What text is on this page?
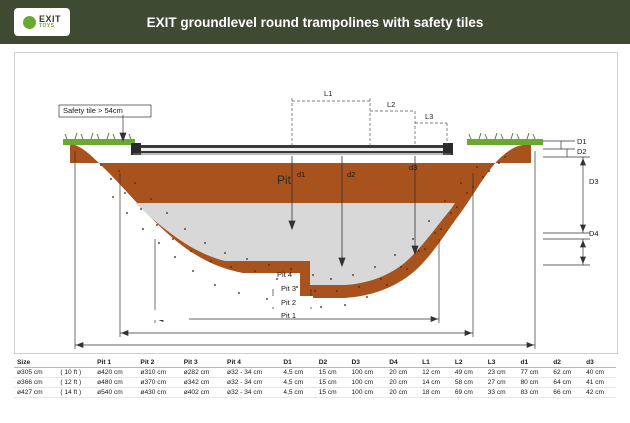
EXIT
TOYS	EXIT groundlevel round trampolines with safety tiles
Safety tile > 54cm
L1
L2
L3
Pit d1	d2
d3
D1
D2
D3
D4
Pit 4
Pit 3
Pit 2
Pit 1
Size		Pit 1	Pit 2	Pit 3	Pit 4	D1	D2	D3	D4	L1	L2	L3	d1	d2	d3
ø305 cm	( 10 ft )	ø420 cm	ø310 cm	ø282 cm	ø32 - 34 cm	4,5 cm	15 cm	100 cm	20 cm	12 cm	49 cm	23 cm	77 cm	62 cm	40 cm
ø366 cm	( 12 ft )	ø480 cm	ø370 cm	ø342 cm	ø32 - 34 cm	4,5 cm	15 cm	100 cm	20 cm	14 cm	58 cm	27 cm	80 cm	64 cm	41 cm
ø427 cm	( 14 ft )	ø540 cm	ø430 cm	ø402 cm	ø32 - 34 cm	4,5 cm	15 cm	100 cm	20 cm	18 cm	69 cm	33 cm	83 cm	66 cm	42 cm
